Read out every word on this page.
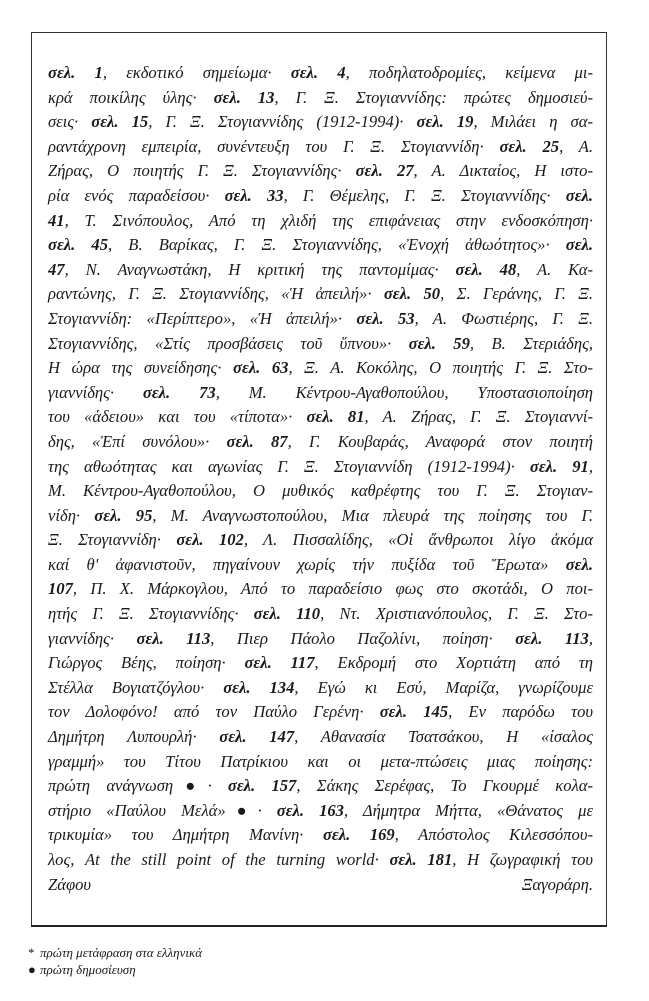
σελ. 1, εκδοτικό σημείωμα· σελ. 4, ποδηλατοδρομίες, κείμενα μι-
κρά ποικίλης ύλης· σελ. 13, Γ. Ξ. Στογιαννίδης: πρώτες δημοσιεύ-
σεις· σελ. 15, Γ. Ξ. Στογιαννίδης (1912-1994)· σελ. 19, Μιλάει η σα-
ραντάχρονη εμπειρία, συνέντευξη του Γ. Ξ. Στογιαννίδη· σελ. 25, Α.
Ζήρας, Ο ποιητής Γ. Ξ. Στογιαννίδης· σελ. 27, Α. Δικταίος, Η ιστο-
ρία ενός παραδείσου· σελ. 33, Γ. Θέμελης, Γ. Ξ. Στογιαννίδης· σελ.
41, Τ. Σινόπουλος, Από τη χλιδή της επιφάνειας στην ενδοσκόπηση·
σελ. 45, Β. Βαρίκας, Γ. Ξ. Στογιαννίδης, «Ἐνοχή ἀθωότητος»· σελ.
47, Ν. Αναγνωστάκη, Η κριτική της παντομίμας· σελ. 48, Α. Κα-
ραντώνης, Γ. Ξ. Στογιαννίδης, «Ἡ ἀπειλή»· σελ. 50, Σ. Γεράνης, Γ. Ξ.
Στογιαννίδη: «Περίπτερο», «Ἡ ἀπειλή»· σελ. 53, Α. Φωστιέρης, Γ. Ξ.
Στογιαννίδης, «Στίς προσβάσεις τοῦ ὕπνου»· σελ. 59, Β. Στεριάδης,
Η ώρα της συνείδησης· σελ. 63, Ξ. Α. Κοκόλης, Ο ποιητής Γ. Ξ. Στο-
γιαννίδης· σελ. 73, Μ. Κέντρου-Αγαθοπούλου, Υποστασιοποίηση
του «άδειου» και του «τίποτα»· σελ. 81, Α. Ζήρας, Γ. Ξ. Στογιαννί-
δης, «Ἐπί συνόλου»· σελ. 87, Γ. Κουβαράς, Αναφορά στον ποιητή
της αθωότητας και αγωνίας Γ. Ξ. Στογιαννίδη (1912-1994)· σελ. 91,
Μ. Κέντρου-Αγαθοπούλου, Ο μυθικός καθρέφτης του Γ. Ξ. Στογιαν-
νίδη· σελ. 95, Μ. Αναγνωστοπούλου, Μια πλευρά της ποίησης του Γ.
Ξ. Στογιαννίδη· σελ. 102, Λ. Πισσαλίδης, «Οἱ ἄνθρωποι λίγο ἀκόμα
καί θ' ἀφανιστοῦν, πηγαίνουν χωρίς τήν πυξίδα τοῦ Ἔρωτα» σελ.
107, Π. Χ. Μάρκογλου, Από το παραδείσιο φως στο σκοτάδι, Ο ποι-
ητής Γ. Ξ. Στογιαννίδης· σελ. 110, Ντ. Χριστιανόπουλος, Γ. Ξ. Στο-
γιαννίδης· σελ. 113, Πιερ Πάολο Παζολίνι, ποίηση· σελ. 113,
Γιώργος Βέης, ποίηση· σελ. 117, Εκδρομή στο Χορτιάτη από τη
Στέλλα Βογιατζόγλου· σελ. 134, Εγώ κι Εσύ, Μαρίζα, γνωρίζουμε
τον Δολοφόνο! από τον Παύλο Γερένη· σελ. 145, Εν παρόδω του
Δημήτρη Λυπουρλή· σελ. 147, Αθανασία Τσατσάκου, Η «ίσαλος
γραμμή» του Τίτου Πατρίκιου και οι μετα-πτώσεις μιας ποίησης:
πρώτη ανάγνωση●· σελ. 157, Σάκης Σερέφας, Το Γκουρμέ κολα-
στήριο «Παύλου Μελά»●· σελ. 163, Δήμητρα Μήττα, «Θάνατος με
τρικυμία» του Δημήτρη Μανίνη· σελ. 169, Απόστολος Κιλεσσόπου-
λος, At the still point of the turning world· σελ. 181, Η ζωγραφική του
Ζάφου Ξαγοράρη.
* πρώτη μετάφραση στα ελληνικά
● πρώτη δημοσίευση
